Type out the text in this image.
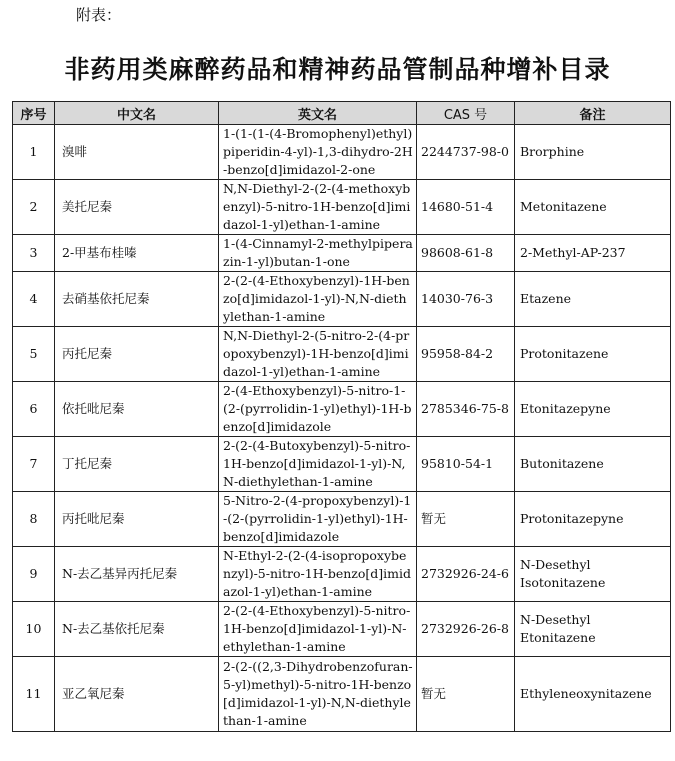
附表：
非药用类麻醉药品和精神药品管制品种增补目录
序号	中文名	英文名	CAS 号	备注
1	溴啡	1-(1-(1-(4-Bromophenyl)ethyl)piperidin-4-yl)-1,3-dihydro-2H-benzo[d]imidazol-2-one	2244737-98-0	Brorphine
2	美托尼秦	N,N-Diethyl-2-(2-(4-methoxybenzyl)-5-nitro-1H-benzo[d]imidazol-1-yl)ethan-1-amine	14680-51-4	Metonitazene
3	2-甲基布桂嗪	1-(4-Cinnamyl-2-methylpiperazin-1-yl)butan-1-one	98608-61-8	2-Methyl-AP-237
4	去硝基依托尼秦	2-(2-(4-Ethoxybenzyl)-1H-benzo[d]imidazol-1-yl)-N,N-diethylethan-1-amine	14030-76-3	Etazene
5	丙托尼秦	N,N-Diethyl-2-(5-nitro-2-(4-propoxybenzyl)-1H-benzo[d]imidazol-1-yl)ethan-1-amine	95958-84-2	Protonitazene
6	依托吡尼秦	2-(4-Ethoxybenzyl)-5-nitro-1-(2-(pyrrolidin-1-yl)ethyl)-1H-benzo[d]imidazole	2785346-75-8	Etonitazepyne
7	丁托尼秦	2-(2-(4-Butoxybenzyl)-5-nitro-1H-benzo[d]imidazol-1-yl)-N,N-diethylethan-1-amine	95810-54-1	Butonitazene
8	丙托吡尼秦	5-Nitro-2-(4-propoxybenzyl)-1-(2-(pyrrolidin-1-yl)ethyl)-1H-benzo[d]imidazole	暂无	Protonitazepyne
9	N-去乙基异丙托尼秦	N-Ethyl-2-(2-(4-isopropoxybenzyl)-5-nitro-1H-benzo[d]imidazol-1-yl)ethan-1-amine	2732926-24-6	N-Desethyl Isotonitazene
10	N-去乙基依托尼秦	2-(2-(4-Ethoxybenzyl)-5-nitro-1H-benzo[d]imidazol-1-yl)-N-ethylethan-1-amine	2732926-26-8	N-Desethyl Etonitazene
11	亚乙氧尼秦	2-(2-((2,3-Dihydrobenzofuran-5-yl)methyl)-5-nitro-1H-benzo[d]imidazol-1-yl)-N,N-diethylethan-1-amine	暂无	Ethyleneoxynitazene
